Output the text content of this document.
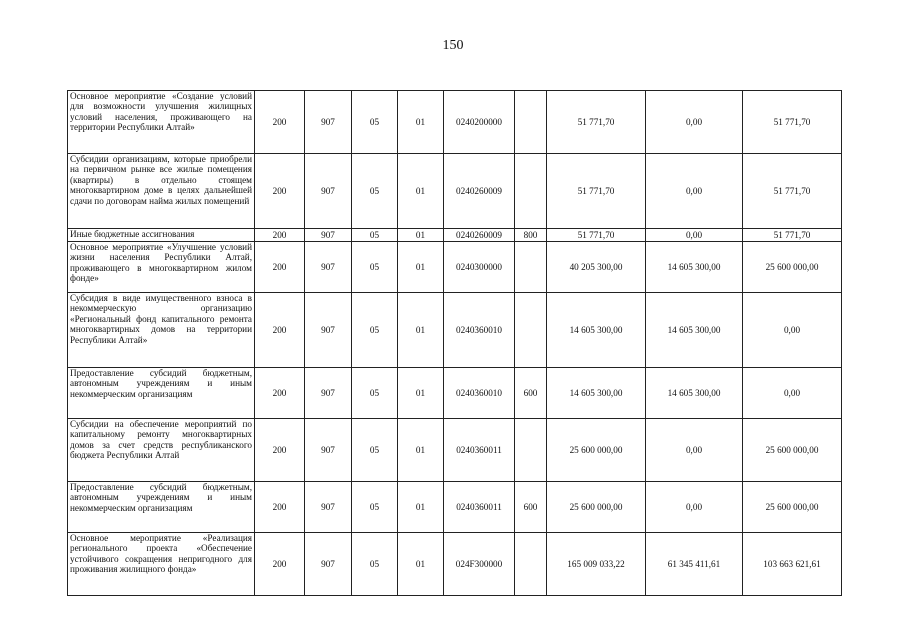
150
Основное мероприятие «Создание условий для возможности улучшения жилищных условий населения, проживающего на территории Республики Алтай»	200	907	05	01	0240200000		51 771,70	0,00	51 771,70
Субсидии организациям, которые приобрели на первичном рынке все жилые помещения (квартиры) в отдельно стоящем многоквартирном доме в целях дальнейшей сдачи по договорам найма жилых помещений	200	907	05	01	0240260009		51 771,70	0,00	51 771,70
Иные бюджетные ассигнования	200	907	05	01	0240260009	800	51 771,70	0,00	51 771,70
Основное мероприятие «Улучшение условий жизни населения Республики Алтай, проживающего в многоквартирном жилом фонде»	200	907	05	01	0240300000		40 205 300,00	14 605 300,00	25 600 000,00
Субсидия в виде имущественного взноса в некоммерческую организацию «Региональный фонд капитального ремонта многоквартирных домов на территории Республики Алтай»	200	907	05	01	0240360010		14 605 300,00	14 605 300,00	0,00
Предоставление субсидий бюджетным, автономным учреждениям и иным некоммерческим организациям	200	907	05	01	0240360010	600	14 605 300,00	14 605 300,00	0,00
Субсидии на обеспечение мероприятий по капитальному ремонту многоквартирных домов за счет средств республиканского бюджета Республики Алтай	200	907	05	01	0240360011		25 600 000,00	0,00	25 600 000,00
Предоставление субсидий бюджетным, автономным учреждениям и иным некоммерческим организациям	200	907	05	01	0240360011	600	25 600 000,00	0,00	25 600 000,00
Основное мероприятие «Реализация регионального проекта «Обеспечение устойчивого сокращения непригодного для проживания жилищного фонда»	200	907	05	01	024F300000		165 009 033,22	61 345 411,61	103 663 621,61
